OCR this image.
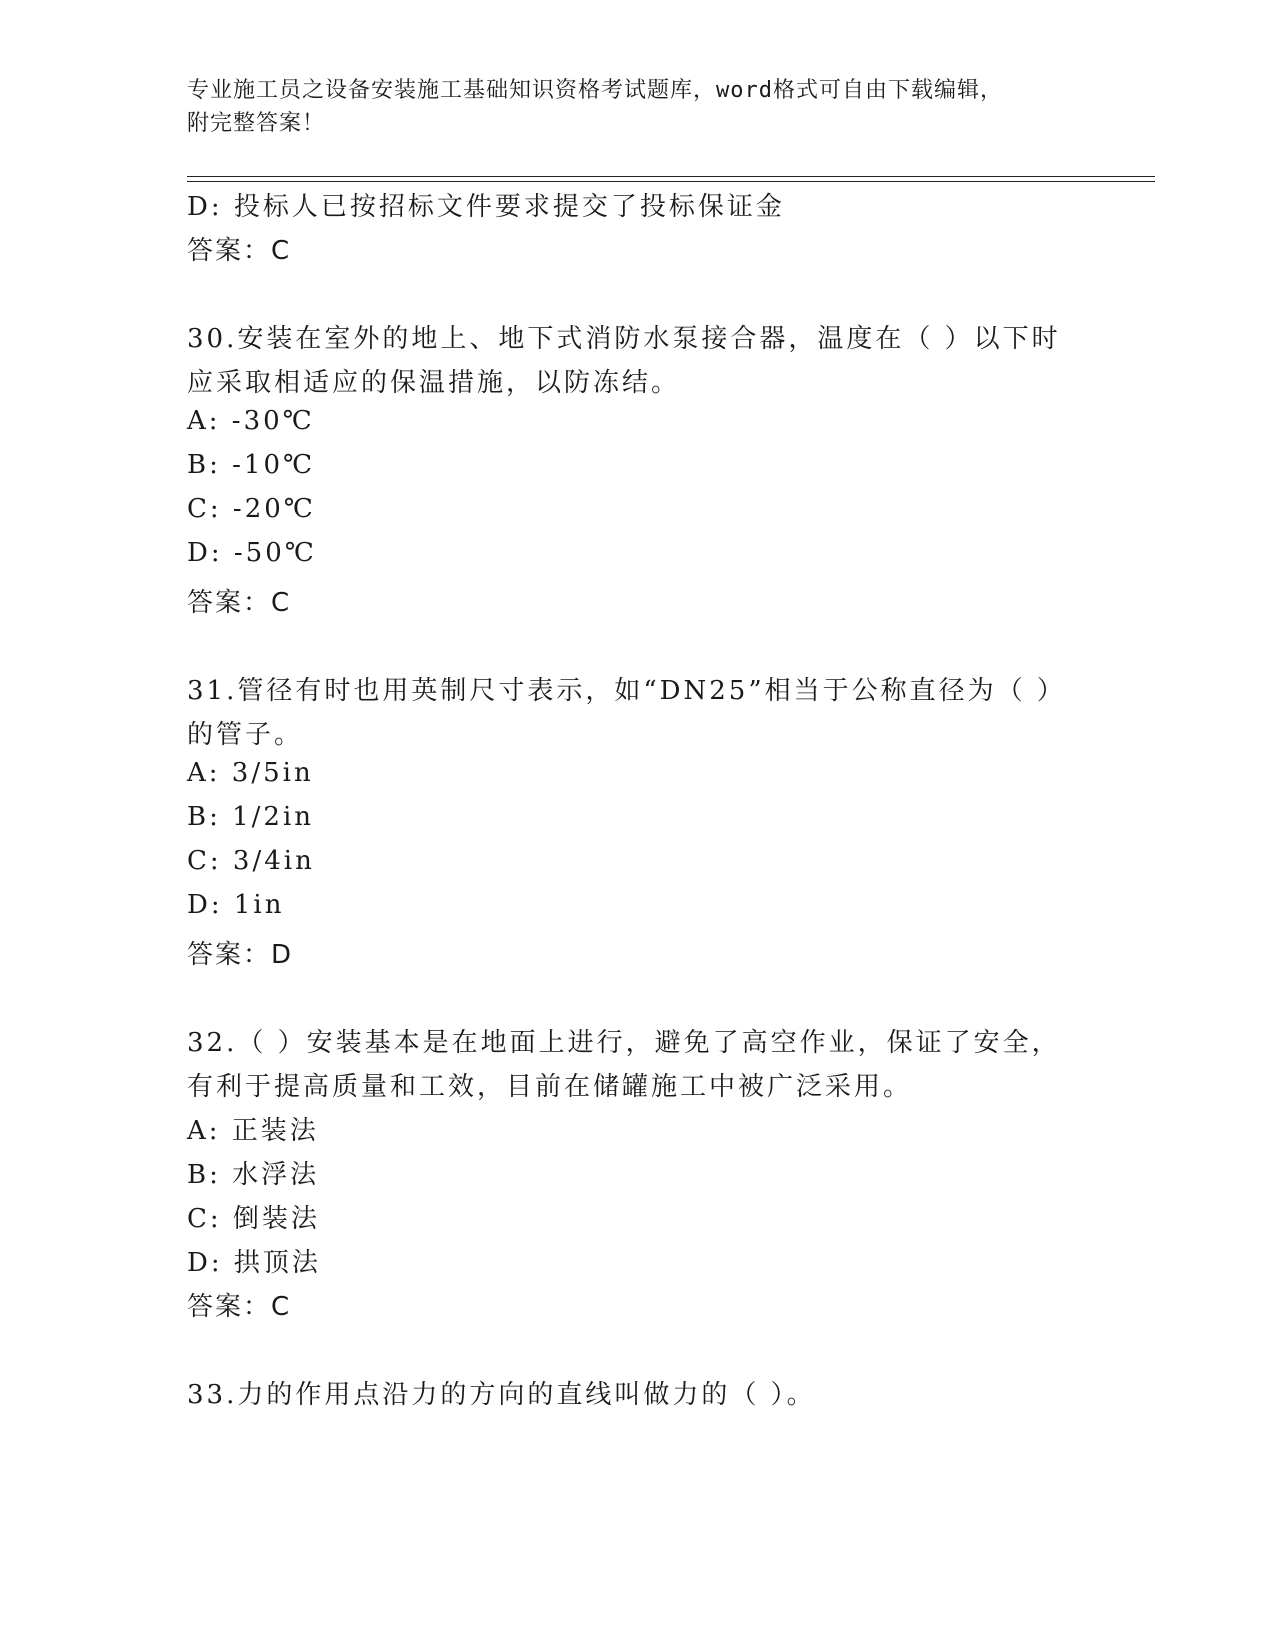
专业施工员之设备安装施工基础知识资格考试题库，word格式可自由下载编辑，
附完整答案！
D: 投标人已按招标文件要求提交了投标保证金
答案：C
30.安装在室外的地上、地下式消防水泵接合器，温度在（ ）以下时
应采取相适应的保温措施，以防冻结。
A: -30℃
B: -10℃
C: -20℃
D: -50℃
答案：C
31.管径有时也用英制尺寸表示，如“DN25”相当于公称直径为（ ）
的管子。
A: 3/5in
B: 1/2in
C: 3/4in
D: 1in
答案：D
32.（ ）安装基本是在地面上进行，避免了高空作业，保证了安全，
有利于提高质量和工效，目前在储罐施工中被广泛采用。
A: 正装法
B: 水浮法
C: 倒装法
D: 拱顶法
答案：C
33.力的作用点沿力的方向的直线叫做力的（ ）。
